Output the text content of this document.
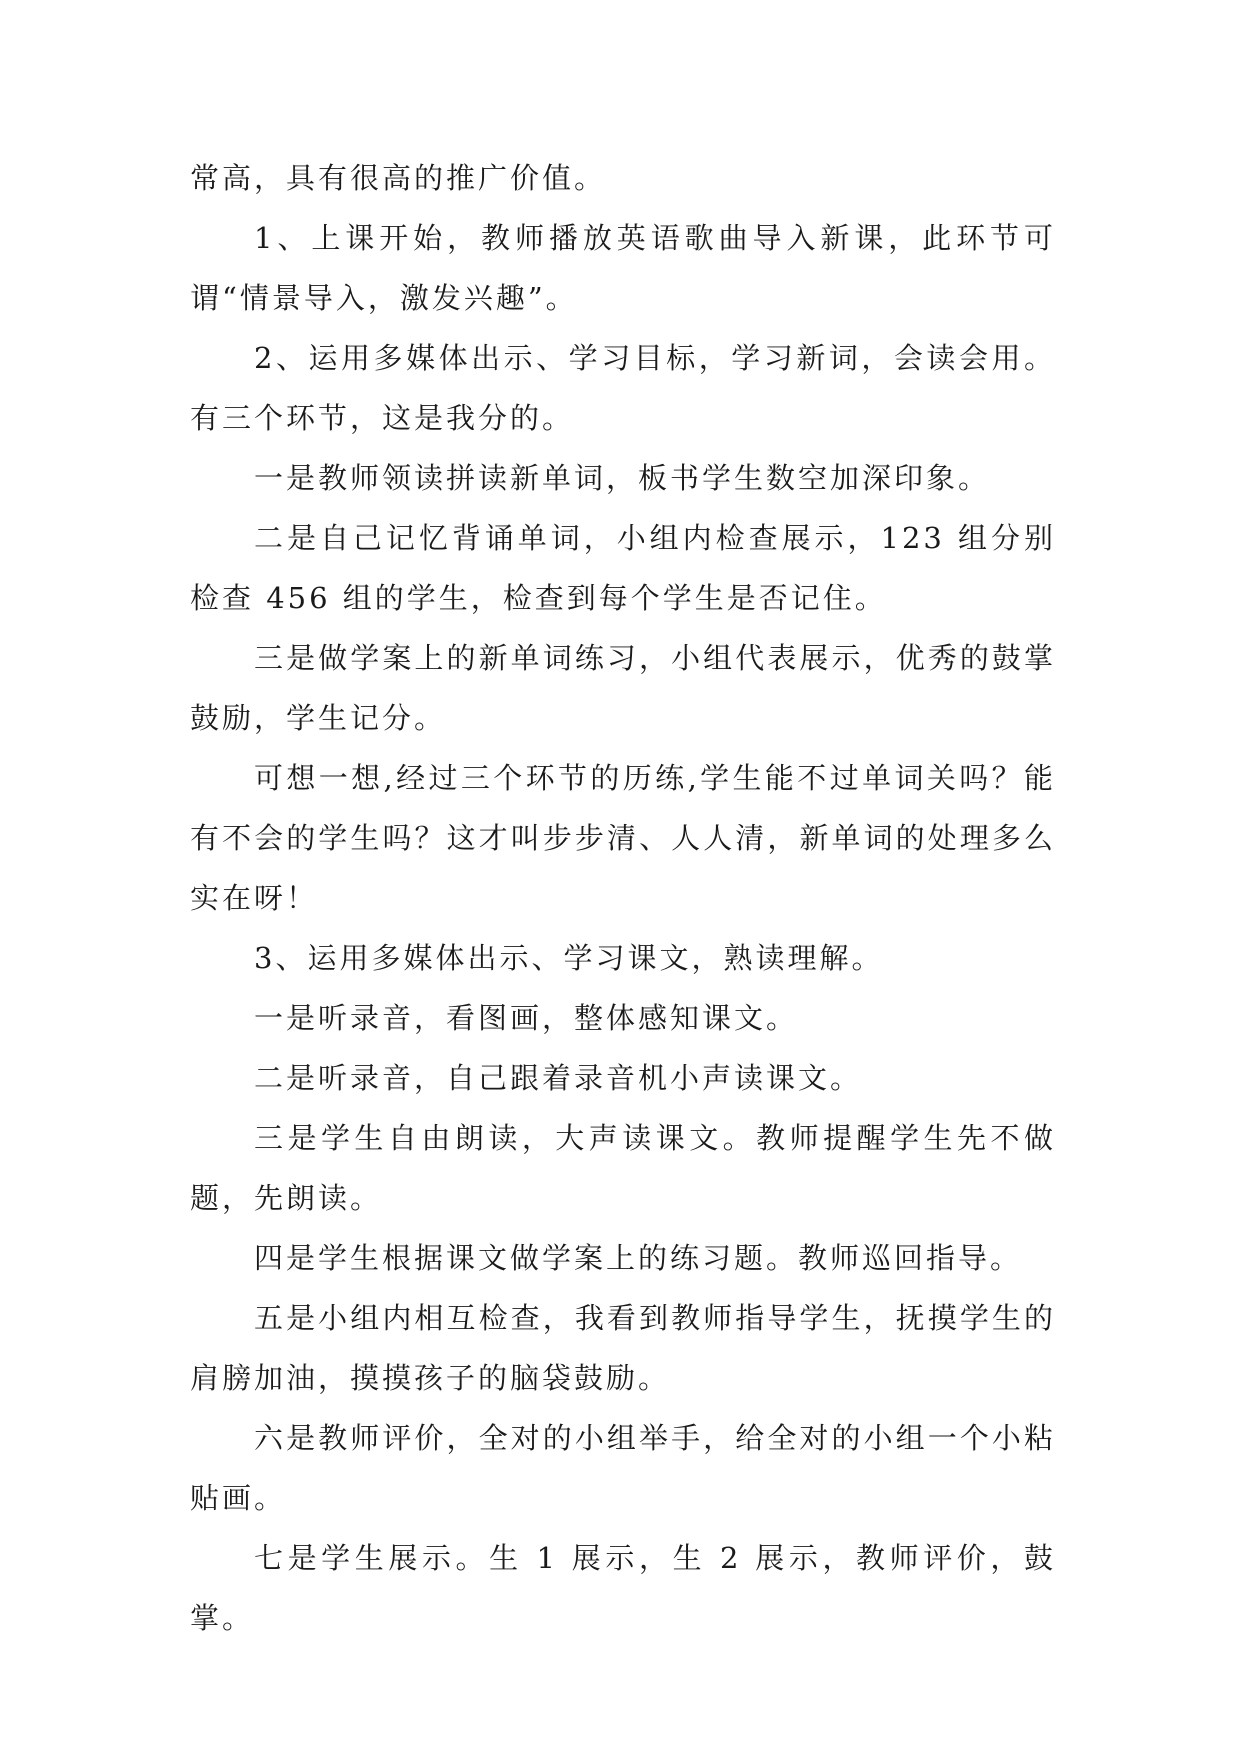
常高，具有很高的推广价值。

1、上课开始，教师播放英语歌曲导入新课，此环节可谓“情景导入，激发兴趣”。

2、运用多媒体出示、学习目标，学习新词，会读会用。有三个环节，这是我分的。

一是教师领读拼读新单词，板书学生数空加深印象。

二是自己记忆背诵单词，小组内检查展示，123 组分别检查 456 组的学生，检查到每个学生是否记住。

三是做学案上的新单词练习，小组代表展示，优秀的鼓掌鼓励，学生记分。

可想一想,经过三个环节的历练,学生能不过单词关吗？能有不会的学生吗？这才叫步步清、人人清，新单词的处理多么实在呀！

3、运用多媒体出示、学习课文，熟读理解。

一是听录音，看图画，整体感知课文。

二是听录音，自己跟着录音机小声读课文。

三是学生自由朗读，大声读课文。教师提醒学生先不做题，先朗读。

四是学生根据课文做学案上的练习题。教师巡回指导。

五是小组内相互检查，我看到教师指导学生，抚摸学生的肩膀加油，摸摸孩子的脑袋鼓励。

六是教师评价，全对的小组举手，给全对的小组一个小粘贴画。

七是学生展示。生 1 展示，生 2 展示，教师评价，鼓掌。
